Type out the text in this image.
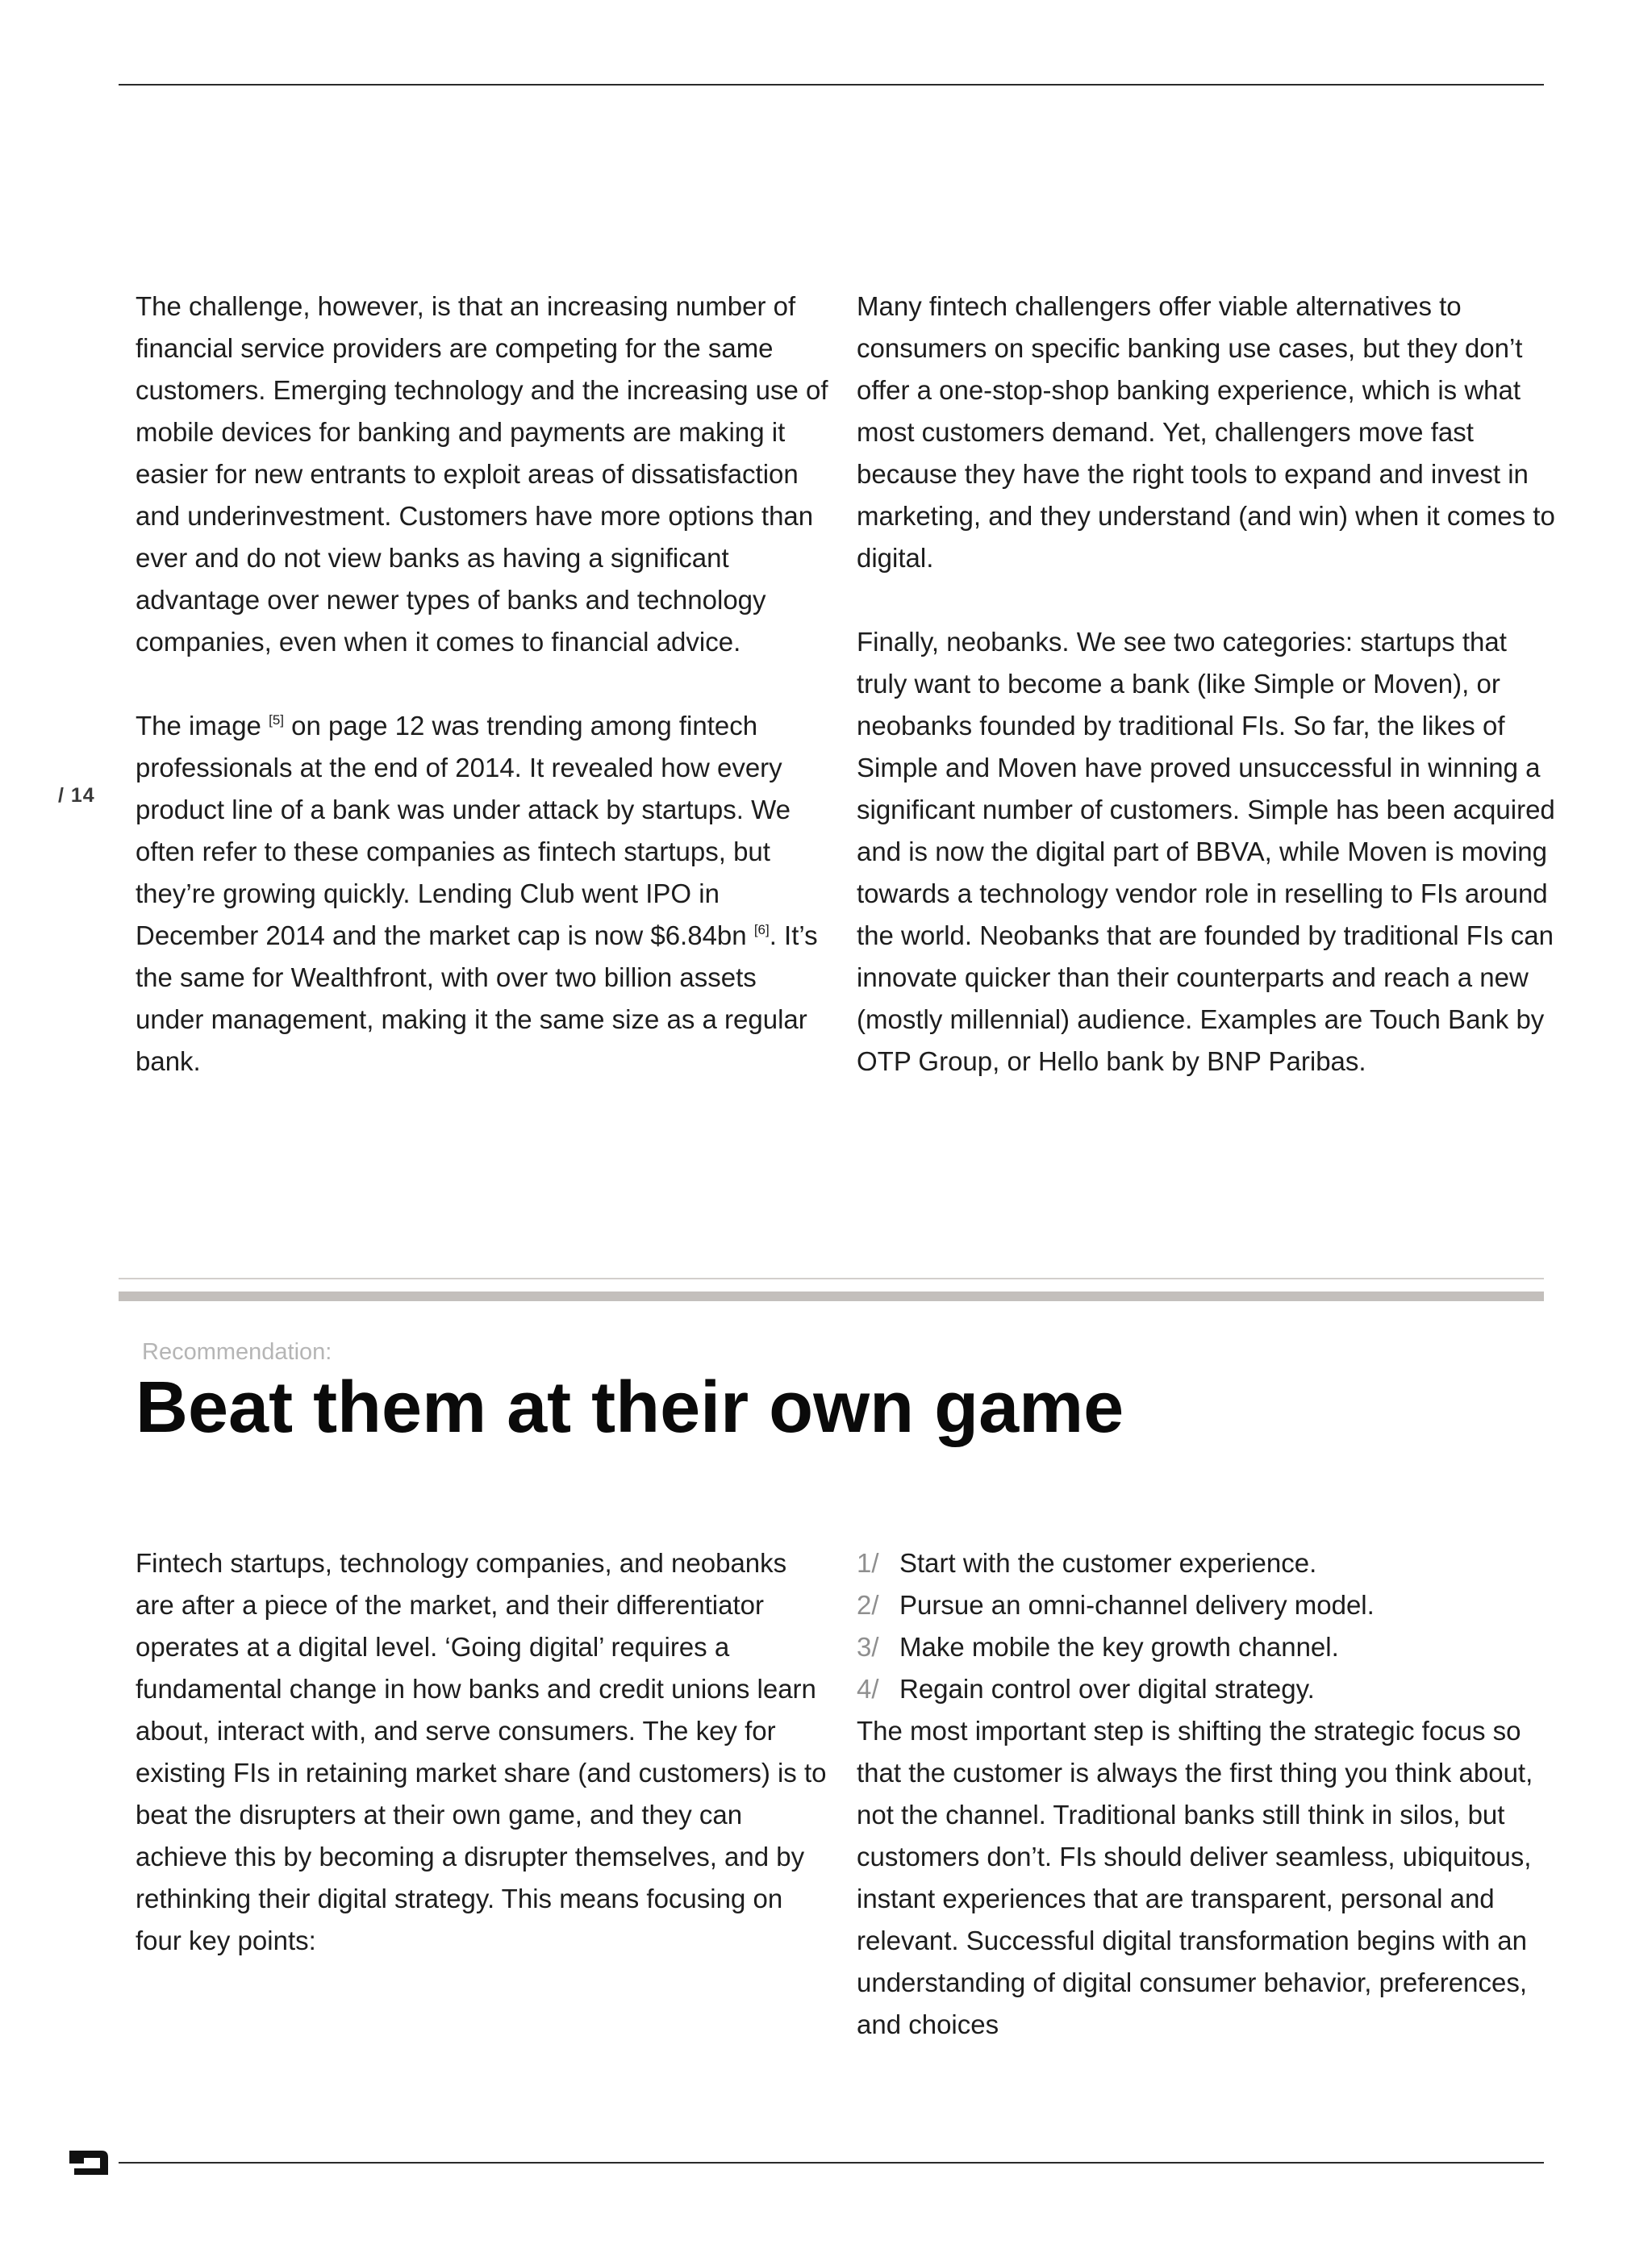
/ 14

The challenge, however, is that an increasing number of financial service providers are competing for the same customers. Emerging technology and the increasing use of mobile devices for banking and payments are making it easier for new entrants to exploit areas of dissatisfaction and underinvestment. Customers have more options than ever and do not view banks as having a significant advantage over newer types of banks and technology companies, even when it comes to financial advice.

The image [5] on page 12 was trending among fintech professionals at the end of 2014. It revealed how every product line of a bank was under attack by startups. We often refer to these companies as fintech startups, but they’re growing quickly. Lending Club went IPO in December 2014 and the market cap is now $6.84bn [6]. It’s the same for Wealthfront, with over two billion assets under management, making it the same size as a regular bank.

Many fintech challengers offer viable alternatives to consumers on specific banking use cases, but they don’t offer a one-stop-shop banking experience, which is what most customers demand. Yet, challengers move fast because they have the right tools to expand and invest in marketing, and they understand (and win) when it comes to digital.

Finally, neobanks. We see two categories: startups that truly want to become a bank (like Simple or Moven), or neobanks founded by traditional FIs. So far, the likes of Simple and Moven have proved unsuccessful in winning a significant number of customers. Simple has been acquired and is now the digital part of BBVA, while Moven is moving towards a technology vendor role in reselling to FIs around the world. Neobanks that are founded by traditional FIs can innovate quicker than their counterparts and reach a new (mostly millennial) audience. Examples are Touch Bank by OTP Group, or Hello bank by BNP Paribas.

Recommendation:
Beat them at their own game

Fintech startups, technology companies, and neobanks are after a piece of the market, and their differentiator operates at a digital level. ‘Going digital’ requires a fundamental change in how banks and credit unions learn about, interact with, and serve consumers. The key for existing FIs in retaining market share (and customers) is to beat the disrupters at their own game, and they can achieve this by becoming a disrupter themselves, and by rethinking their digital strategy. This means focusing on four key points:

1/ Start with the customer experience.
2/ Pursue an omni-channel delivery model.
3/ Make mobile the key growth channel.
4/ Regain control over digital strategy.

The most important step is shifting the strategic focus so that the customer is always the first thing you think about, not the channel. Traditional banks still think in silos, but customers don’t. FIs should deliver seamless, ubiquitous, instant experiences that are transparent, personal and relevant. Successful digital transformation begins with an understanding of digital consumer behavior, preferences, and choices
